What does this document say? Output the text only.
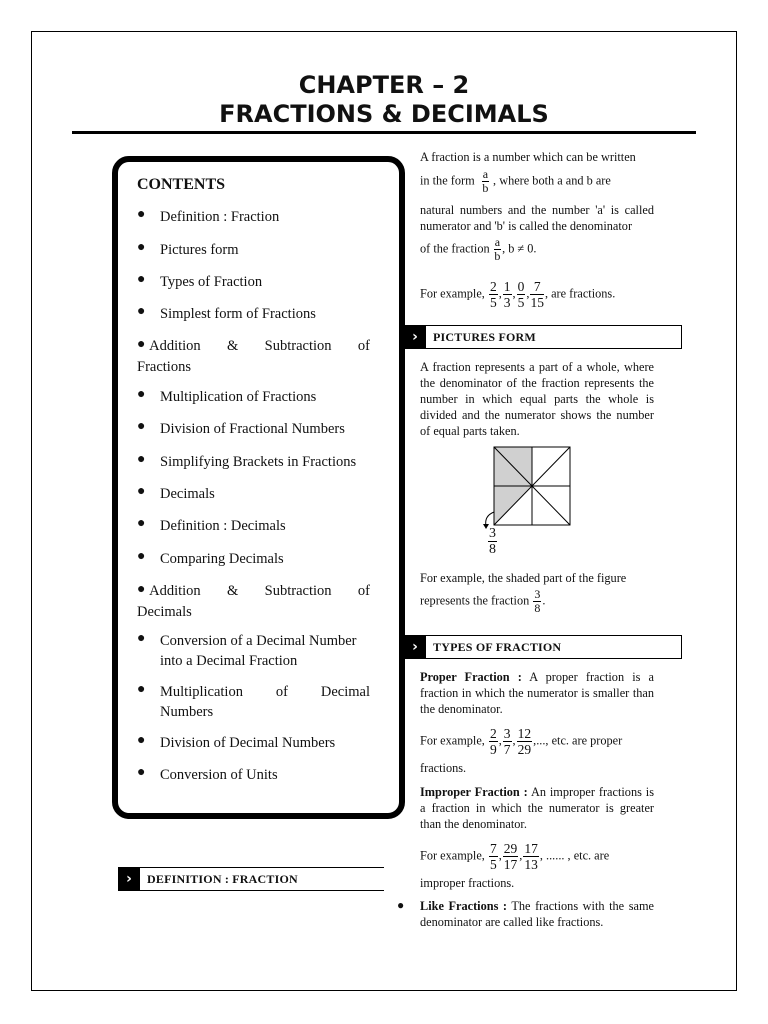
CHAPTER – 2
FRACTIONS & DECIMALS
CONTENTS
●	Definition : Fraction
●	Pictures form
●	Types of Fraction
●	Simplest form of Fractions
● Addition & Subtraction of
Fractions
●	Multiplication of Fractions
●	Division of Fractional Numbers
●	Simplifying Brackets in Fractions
●	Decimals
●	Definition : Decimals
●	Comparing Decimals
● Addition & Subtraction of
Decimals
●	Conversion of a Decimal Number
into a Decimal Fraction
● Multiplication of Decimal
Numbers
●	Division of Decimal Numbers
●	Conversion of Units
›	DEFINITION : FRACTION
A fraction is a number which can be written
in the form $\frac{a}{b}$ , where both a and b are
natural numbers and the number 'a' is called numerator and 'b' is called the denominator
of the fraction $\frac{a}{b}$ , b ≠ 0.
For example, $\frac{2}{5}$ , $\frac{1}{3}$ , $\frac{0}{5}$ , $\frac{7}{15}$ , are fractions.
›	PICTURES FORM
A fraction represents a part of a whole, where the denominator of the fraction represents the number in which equal parts the whole is divided and the numerator shows the number of equal parts taken.
$\frac{3}{8}$
For example, the shaded part of the figure
represents the fraction $\frac{3}{8}$ .
›	TYPES OF FRACTION
Proper Fraction : A proper fraction is a fraction in which the numerator is smaller than the denominator.
For example, $\frac{2}{9}$ , $\frac{3}{7}$ , $\frac{12}{29}$ ,..., etc. are proper
fractions.
Improper Fraction : An improper fractions is a fraction in which the numerator is greater than the denominator.
For example, $\frac{7}{5}$ , $\frac{29}{17}$ , $\frac{17}{13}$ , ...... , etc. are
improper fractions.
● Like Fractions : The fractions with the same denominator are called like fractions.
